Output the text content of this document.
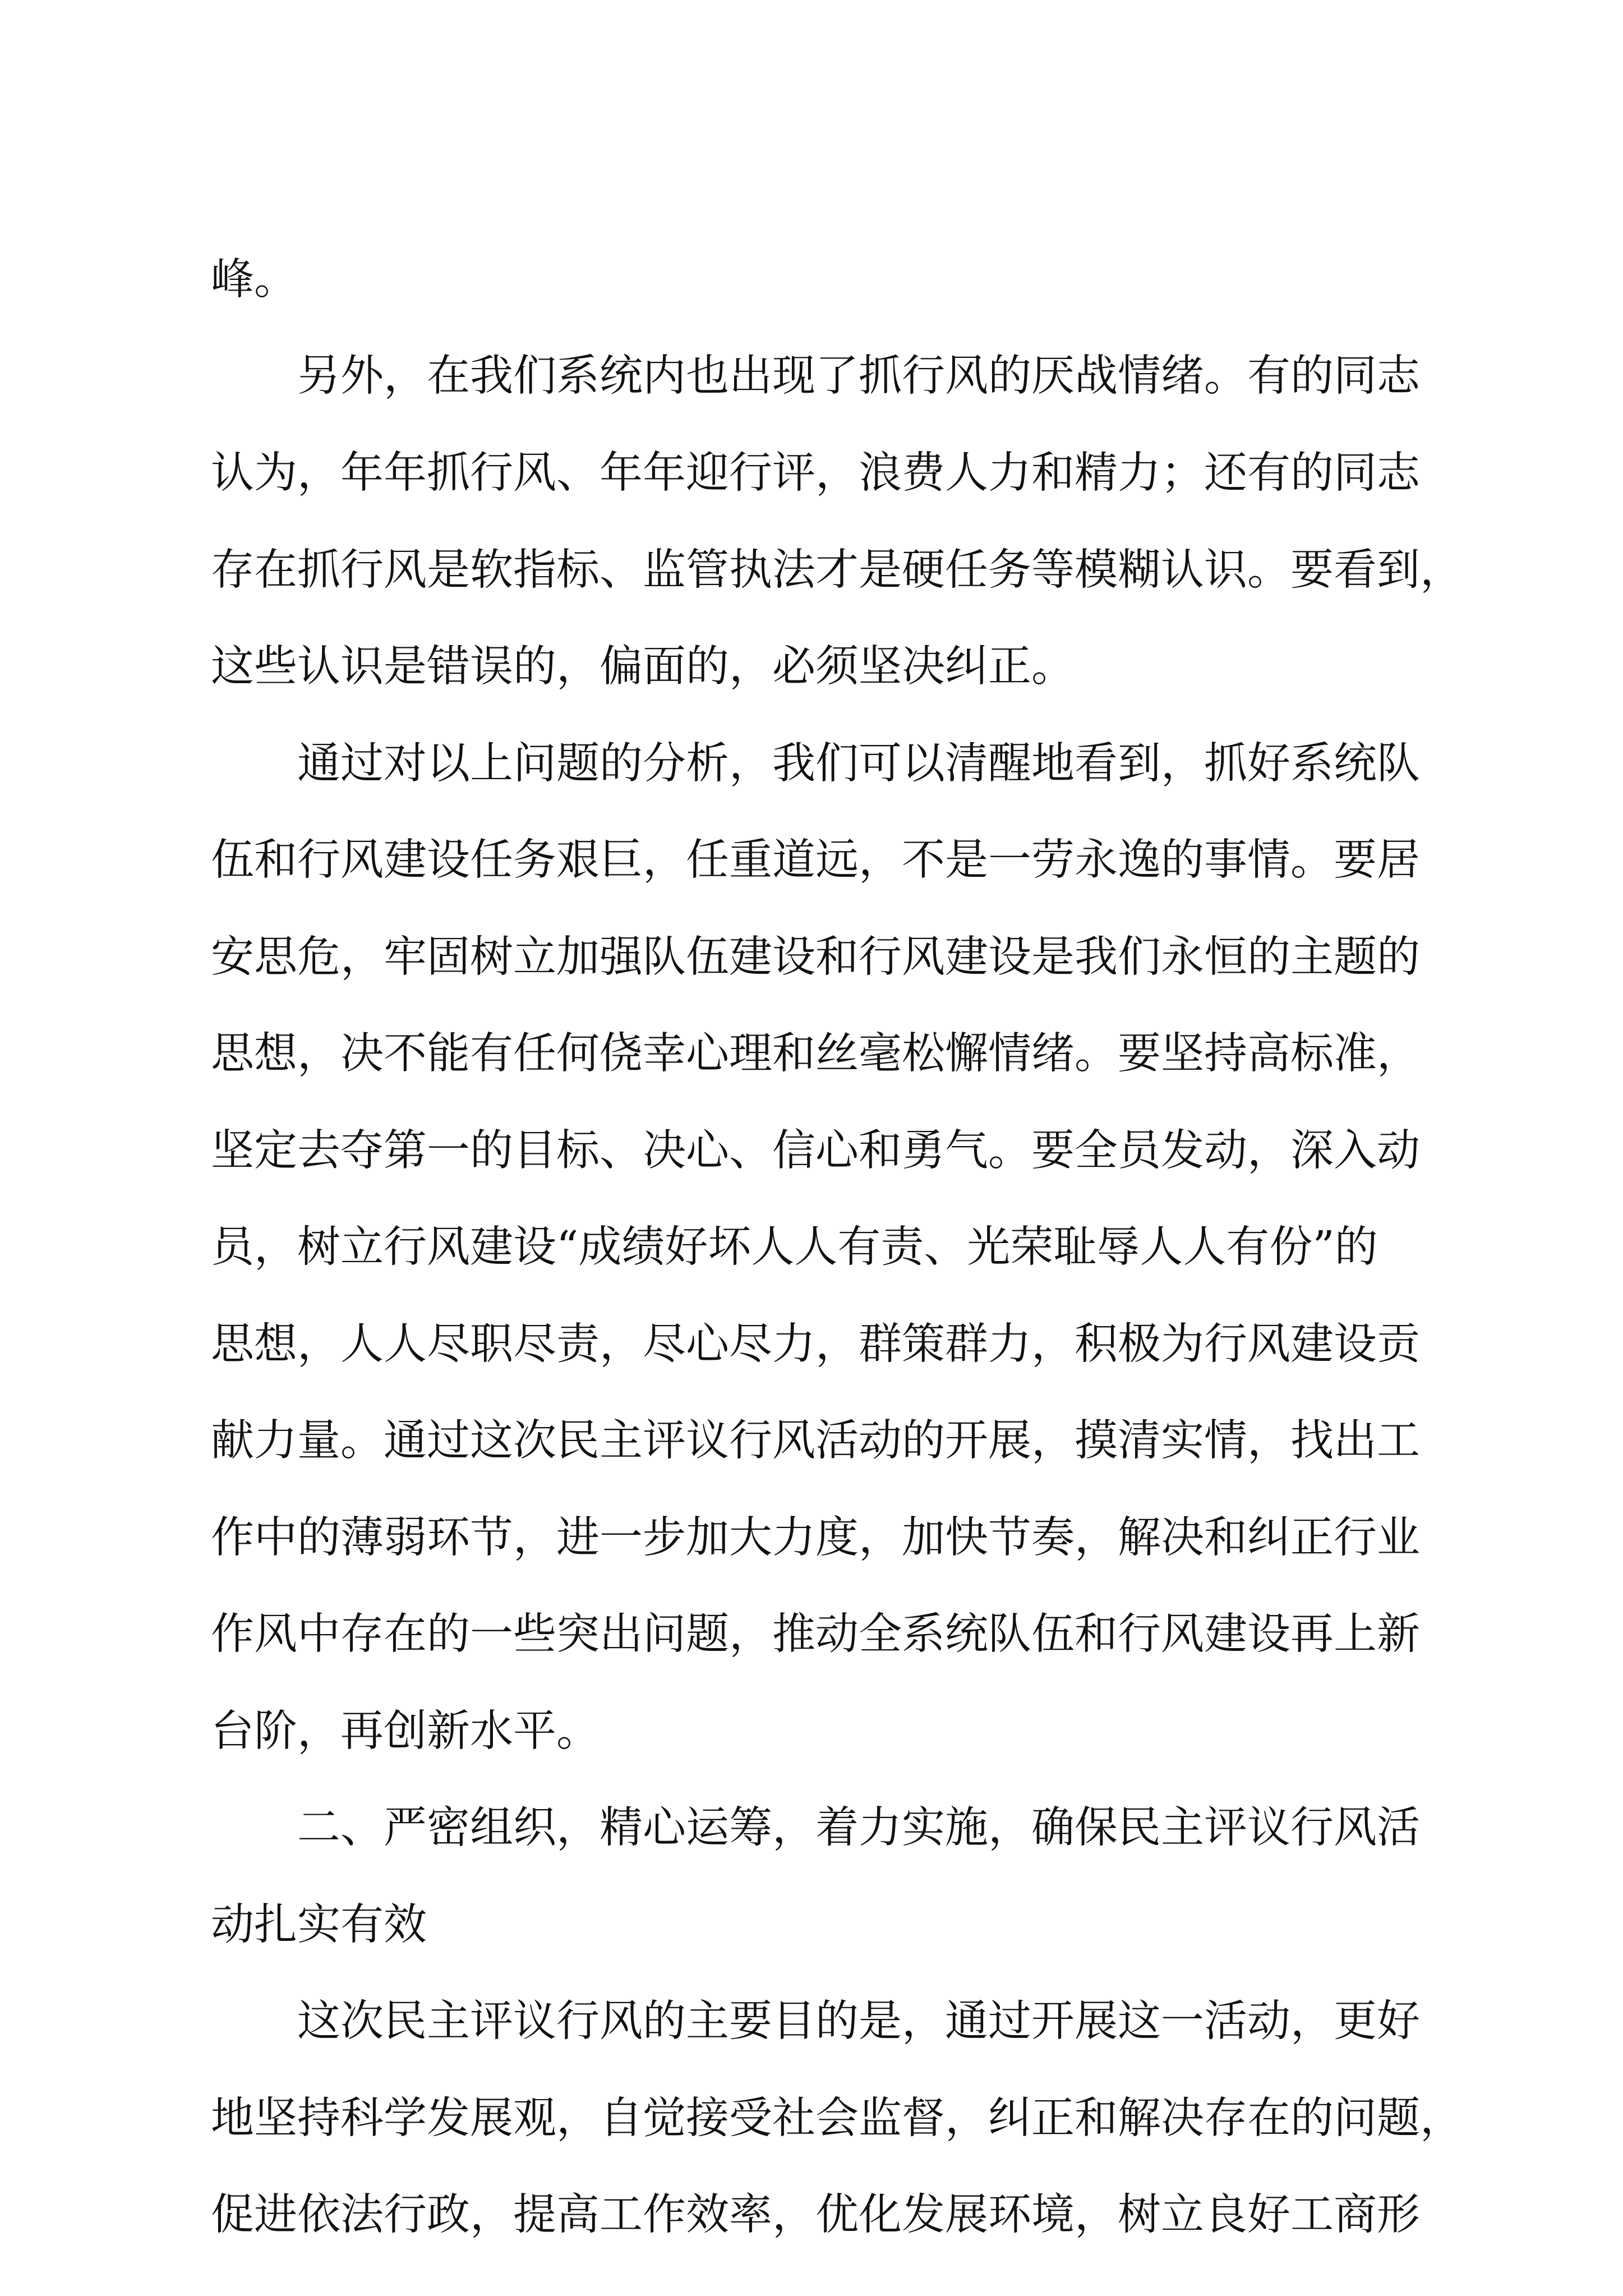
峰。
　　另外，在我们系统内也出现了抓行风的厌战情绪。有的同志
认为，年年抓行风、年年迎行评，浪费人力和精力；还有的同志
存在抓行风是软指标、监管执法才是硬任务等模糊认识。要看到，
这些认识是错误的，偏面的，必须坚决纠正。
　　通过对以上问题的分析，我们可以清醒地看到，抓好系统队
伍和行风建设任务艰巨，任重道远，不是一劳永逸的事情。要居
安思危，牢固树立加强队伍建设和行风建设是我们永恒的主题的
思想，决不能有任何侥幸心理和丝毫松懈情绪。要坚持高标准，
坚定去夺第一的目标、决心、信心和勇气。要全员发动，深入动
员，树立行风建设“成绩好坏人人有责、光荣耻辱人人有份”的
思想，人人尽职尽责，尽心尽力，群策群力，积极为行风建设贡
献力量。通过这次民主评议行风活动的开展，摸清实情，找出工
作中的薄弱环节，进一步加大力度，加快节奏，解决和纠正行业
作风中存在的一些突出问题，推动全系统队伍和行风建设再上新
台阶，再创新水平。
　　二、严密组织，精心运筹，着力实施，确保民主评议行风活
动扎实有效
　　这次民主评议行风的主要目的是，通过开展这一活动，更好
地坚持科学发展观，自觉接受社会监督，纠正和解决存在的问题，
促进依法行政，提高工作效率，优化发展环境，树立良好工商形
